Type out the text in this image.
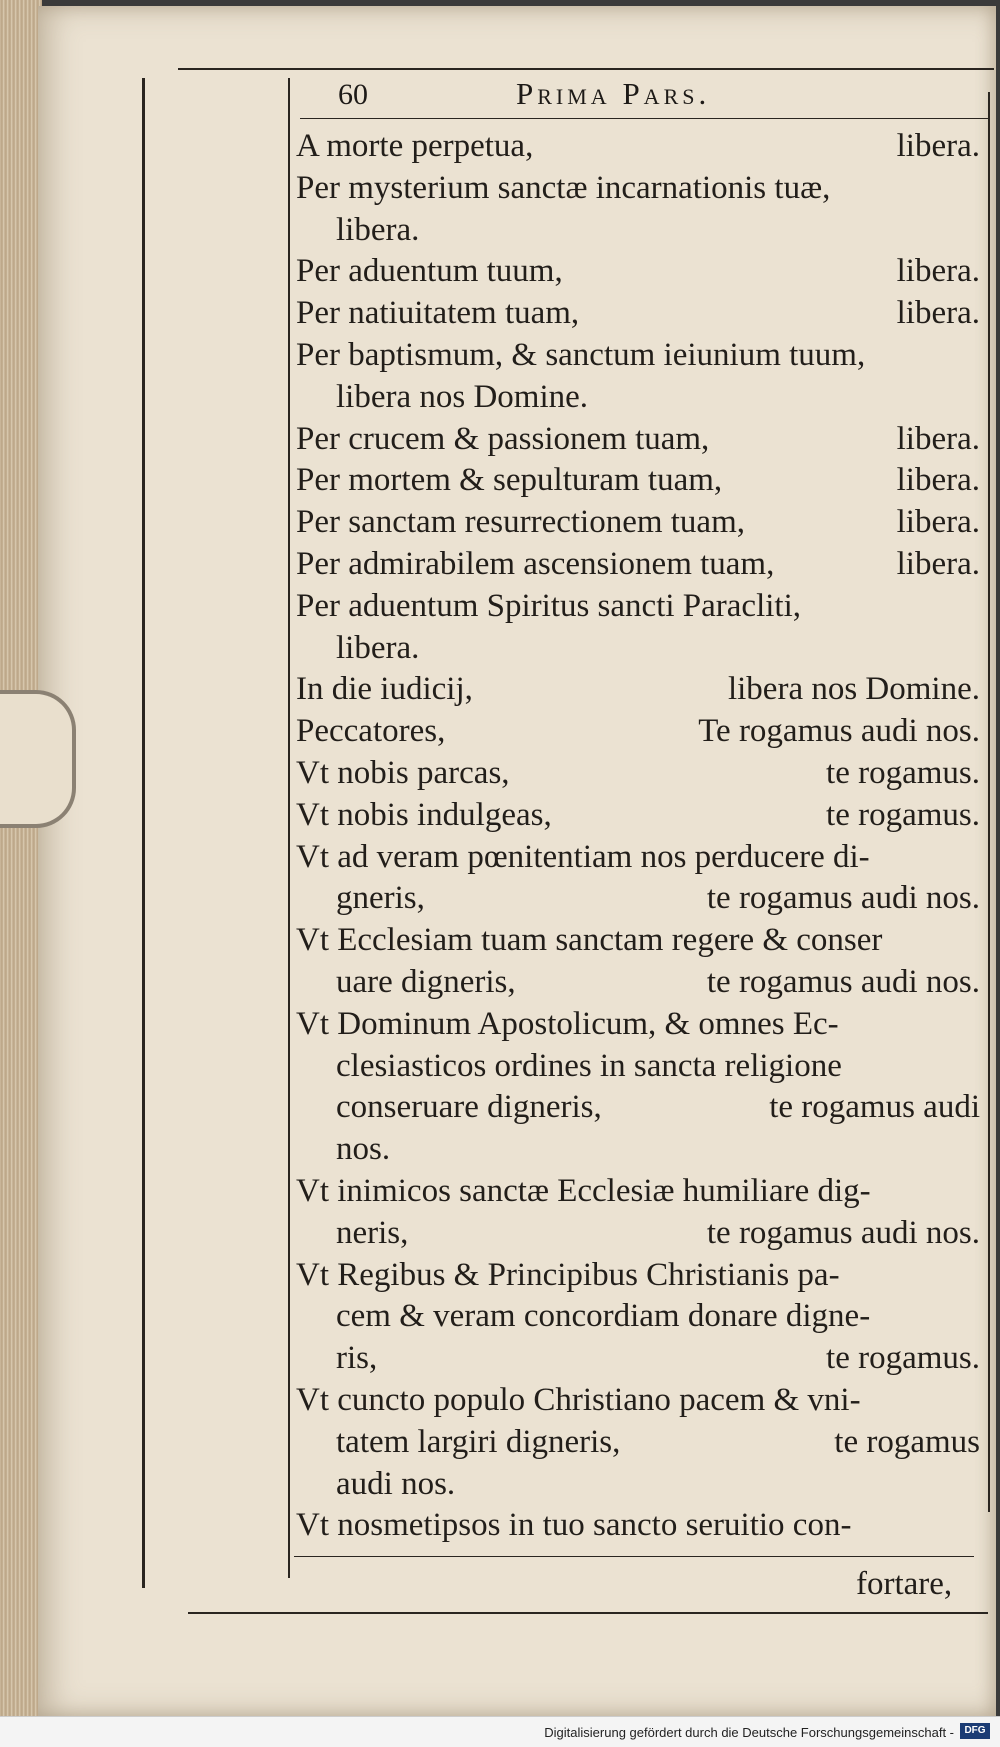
60	Prima Pars.
A morte perpetua,	libera.
Per mysterium sanctæ incarnationis tuæ,
libera.
Per aduentum tuum,	libera.
Per natiuitatem tuam,	libera.
Per baptismum, & sanctum ieiunium tuum,
libera nos Domine.
Per crucem & passionem tuam,	libera.
Per mortem & sepulturam tuam,	libera.
Per sanctam resurrectionem tuam,	libera.
Per admirabilem ascensionem tuam,	libera.
Per aduentum Spiritus sancti Paracliti,
libera.
In die iudicij,	libera nos Domine.
Peccatores,	Te rogamus audi nos.
Vt nobis parcas,	te rogamus.
Vt nobis indulgeas,	te rogamus.
Vt ad veram pœnitentiam nos perducere di-
gneris,	te rogamus audi nos.
Vt Ecclesiam tuam sanctam regere & conser
uare digneris,	te rogamus audi nos.
Vt Dominum Apostolicum, & omnes Ec-
clesiasticos ordines in sancta religione
conseruare digneris,	te rogamus audi
nos.
Vt inimicos sanctæ Ecclesiæ humiliare dig-
neris,	te rogamus audi nos.
Vt Regibus & Principibus Christianis pa-
cem & veram concordiam donare digne-
ris,	te rogamus.
Vt cuncto populo Christiano pacem & vni-
tatem largiri digneris,	te rogamus
audi nos.
Vt nosmetipsos in tuo sancto seruitio con-
fortare,
Digitalisierung gefördert durch die Deutsche Forschungsgemeinschaft -	DFG
